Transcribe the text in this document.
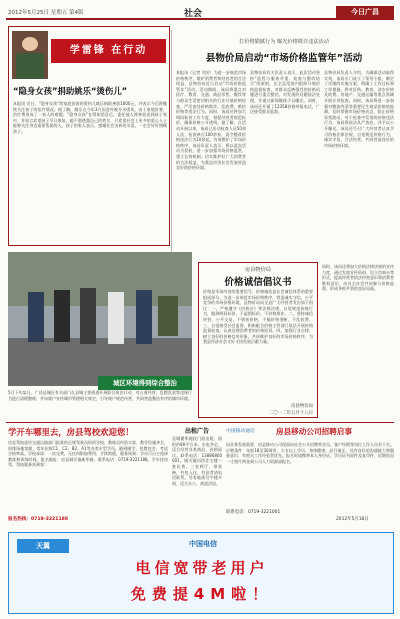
2012年5月25日 星期五 第4版	社会	今日广昌
学雷锋 在行动
“隐身女孩”捐助姚乐“烫伤儿”
本报讯 近日，“隐身女孩”给家庭贫困的烫伤儿姚乐捐助善款1000元，并表示今后将继续关注孩子的治疗情况。据了解，姚乐在今年3月因意外被开水烫伤，由于家境贫寒，治疗费用成了一家人的难题。“隐身女孩”在得知消息后，委托他人将善款送到孩子家中，并留言希望孩子早日康复。她不愿透露自己的姓名，只希望社会上更多的爱心人士能够关注身边需要帮助的人。孩子的家人表示，感谢社会各界的关爱，一定会好好照顾孩子。
打价格猫腻行为 曝光价格欺诈违法活动
县物价局启动“市场价格监管年”活动
本报讯（记者 刘芳）为进一步规范市场价格秩序，维护消费者和经营者的合法权益，县物价局近日启动“市场价格监管年”活动。活动期间，该局将重点对医疗、教育、交通、商品零售、餐饮等与群众生活密切相关的行业开展价格检查，严厉查处价格欺诈、乱收费、哄抬价格等违法行为。同时，该局还将加大明码标价工作力度，督促经营者规范标价，确保价格公开透明。据了解，自活动开展以来，该局已出动检查人员50余人次，检查单位100余家，责令整改价格违法行为10余起，有效维护了市场价格秩序。该局负责人表示，将以此次活动为契机，进一步加强市场价格监管，建立长效机制，切实维护好广大消费者的合法权益，为我县经济社会发展营造良好的价格环境。
县物价局有关负责人表示，此次活动坚持“监管与服务并重、检查与整改结合”的原则，在全县范围内组织开展价格监督检查，对群众反映强烈的价格问题进行重点整治，对发现的问题依法处理，并通过新闻媒体予以曝光。同时，该局还开通了12358价格举报电话，广泛接受群众监督。
县物价局负责人介绍，为确保活动取得实效，该局专门成立了领导小组，制定了详细的实施方案，明确了工作目标和工作措施，将对医药、教育、涉农价格及收费、房地产、交通运输等重点领域开展专项检查。同时，该局将进一步加强对粮油肉菜等重要民生商品价格的监测，及时掌握市场价格动态，防止价格异常波动。对于检查中发现的价格违法行为，该局将依法从严查处，并予以公开曝光。该局还号召广大经营者认真学习价格法律法规，自觉规范价格行为，诚实守信，合法经营，共同营造良好的市场价格环境。
5月下旬某日，广昌县城区有关部门在县城主要街道开展联合执法行动，对占道经营、乱摆乱放等违规行为进行清理整顿，并向商户宣传城市管理相关规定，引导商户规范经营，共同营造整洁有序的城市环境。
城区环境得到综合整治
房县物价局
价格诚信倡议书
价格是市场经济的重要信号，价格诚信是社会诚信体系的重要组成部分。为进一步规范市场价格秩序，营造诚实守信、公平竞争的市场价格环境，县物价局向全县广大经营者发出如下倡议：一、严格遵守《价格法》等法律法规，自觉规范价格行为，做到明码标价，不虚假标价，不价格欺诈。二、坚持诚信经营，公平交易，不哄抬价格，不搞价格垄断，不乱收费。三、自觉接受社会监督，积极配合价格主管部门依法开展价格监督检查，认真处理消费者的价格投诉。四、加强行业自律，树立良好的价格信用形象，共同维护良好的市场价格秩序，为我县经济社会又好又快发展贡献力量。
房县物价局
二〇一二年五月十八日
同时，该局还将加大价格法律法规的宣传力度，通过发放宣传资料、设立咨询台等形式，提高经营者依法经营意识和消费者维权意识，动员全社会共同参与价格监督，形成齐抓共管的良好局面。
学开车哪里去，房县驾校欢迎您！
房县驾校是经交通运输部门批准的正规驾驶员培训学校，教练员经验丰富，教学设施齐全，训练场地宽敞，常年招收C1、C2、B2、A1等各类车型学员，随到随学，包教包会，考试合格率高。学校承诺：一次交费，无任何附加费用；手续简便，服务周到；学员可自主选择教练和训练时间。报名地址：房县城关镇新华路，联系电话：0719-3221188。学车找房驾，驾校服务真到家！
报名热线：0719-3221188
出租广告
县城繁华地段门面出租，面积约80平方米，水电齐全，适合经营各类商品，价格面议。联系电话：13886800001。城关镇河西住宅楼一套出售，三室两厅，带装修，拎包入住，有意者请电话联系。另有临街写字楼多间，适合办公，欢迎洽谈。
中国移动通信	房县移动公司招聘启事
因业务发展需要，房县移动公司现面向社会公开招聘营业员、客户经理等岗位工作人员若干名。应聘条件：年龄18至30周岁，大专以上学历，身体健康，品行端正，具有良好的沟通能力和服务意识，有相关工作经验者优先。报名时请携带本人身份证、学历证书原件及复印件，近期免冠一寸照片两张到公司人力资源部报名。
联系电话：0719-3221001
2012年5月18日
天翼	中国电信
电信宽带老用户
免费提4M啦！
